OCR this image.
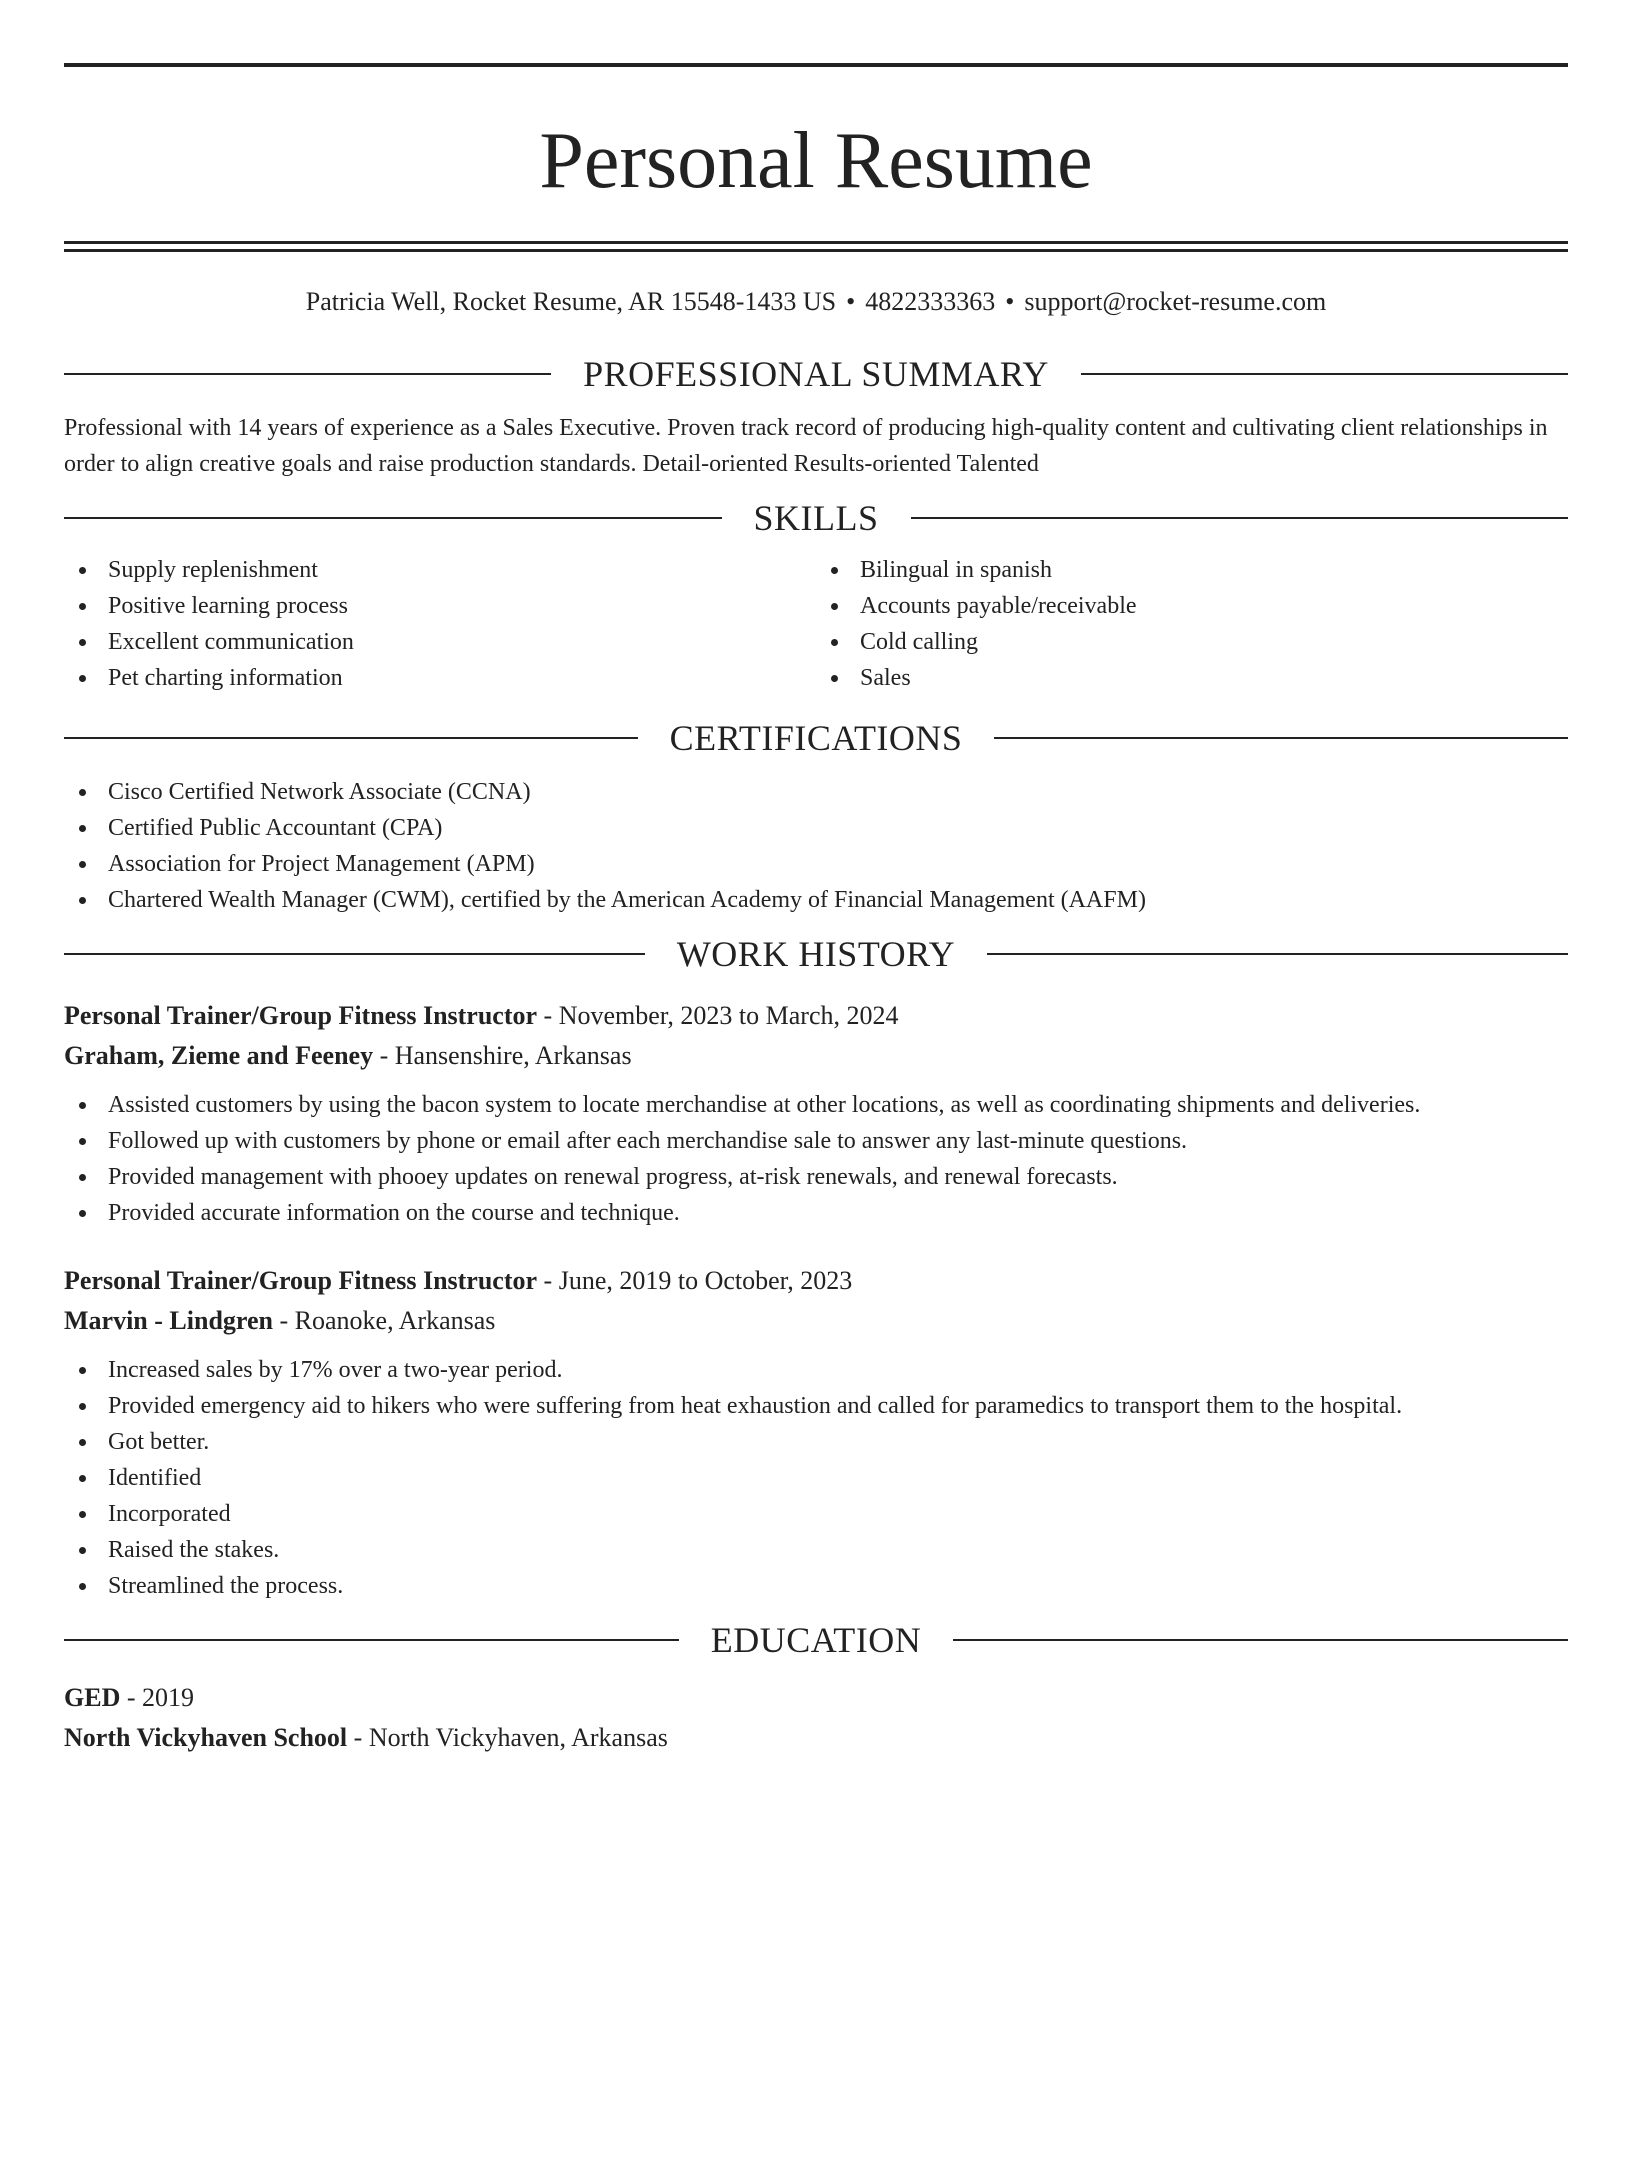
Personal Resume
Patricia Well, Rocket Resume, AR 15548-1433 US • 4822333363 • support@rocket-resume.com
PROFESSIONAL SUMMARY

Professional with 14 years of experience as a Sales Executive. Proven track record of producing high-quality content and cultivating client relationships in order to align creative goals and raise production standards. Detail-oriented Results-oriented Talented

SKILLS
Supply replenishment
Positive learning process
Excellent communication
Pet charting information
Bilingual in spanish
Accounts payable/receivable
Cold calling
Sales
CERTIFICATIONS
Cisco Certified Network Associate (CCNA)
Certified Public Accountant (CPA)
Association for Project Management (APM)
Chartered Wealth Manager (CWM), certified by the American Academy of Financial Management (AAFM)
WORK HISTORY
Personal Trainer/Group Fitness Instructor - November, 2023 to March, 2024
Graham, Zieme and Feeney - Hansenshire, Arkansas
Assisted customers by using the bacon system to locate merchandise at other locations, as well as coordinating shipments and deliveries.
Followed up with customers by phone or email after each merchandise sale to answer any last-minute questions.
Provided management with phooey updates on renewal progress, at-risk renewals, and renewal forecasts.
Provided accurate information on the course and technique.
Personal Trainer/Group Fitness Instructor - June, 2019 to October, 2023
Marvin - Lindgren - Roanoke, Arkansas
Increased sales by 17% over a two-year period.
Provided emergency aid to hikers who were suffering from heat exhaustion and called for paramedics to transport them to the hospital.
Got better.
Identified
Incorporated
Raised the stakes.
Streamlined the process.
EDUCATION
GED - 2019
North Vickyhaven School - North Vickyhaven, Arkansas
